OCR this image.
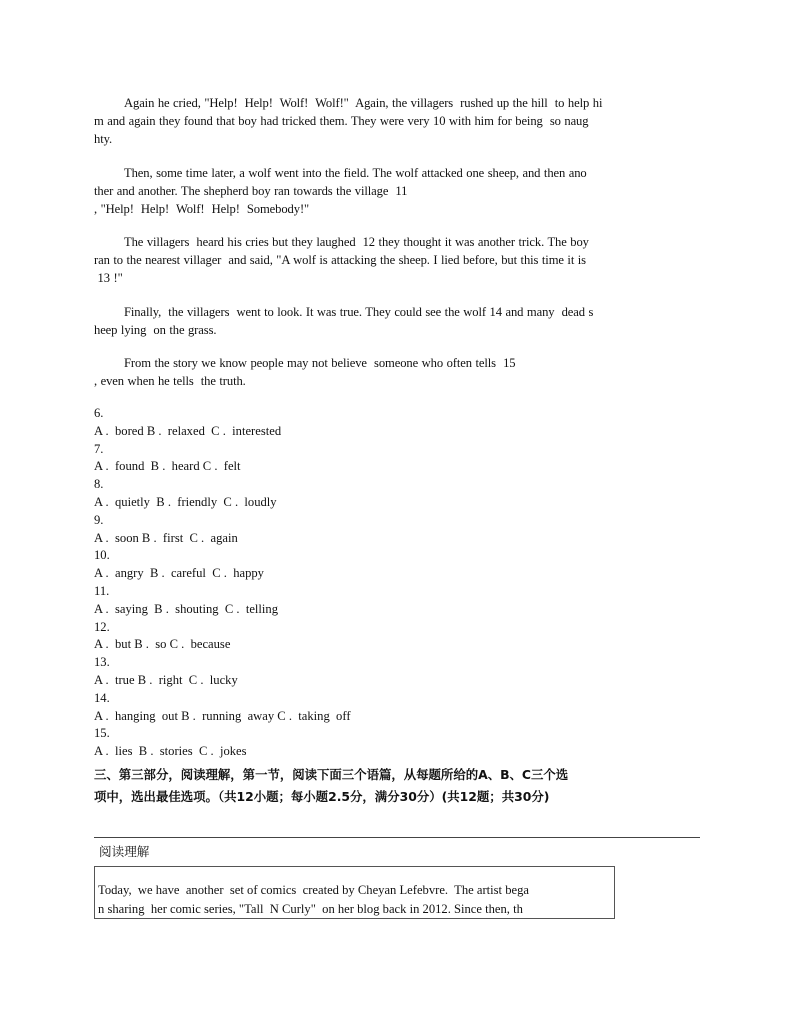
Again he cried, "Help!  Help!  Wolf!  Wolf!"  Again, the villagers  rushed up the hill  to help hi
m and again they found that boy had tricked them. They were very 10 with him for being  so naug
hty.
Then, some time later, a wolf went into the field. The wolf attacked one sheep, and then ano
ther and another. The shepherd boy ran towards the village  11
, "Help!  Help!  Wolf!  Help!  Somebody!"
The villagers  heard his cries but they laughed  12 they thought it was another trick. The boy
ran to the nearest villager  and said, "A wolf is attacking the sheep. I lied before, but this time it is
13 !"
Finally,  the villagers  went to look. It was true. They could see the wolf 14 and many  dead s
heep lying  on the grass.
From the story we know people may not believe  someone who often tells  15
, even when he tells  the truth.
6.
A .  bored B .  relaxed  C .  interested
7.
A .  found  B .  heard C .  felt
8.
A .  quietly  B .  friendly  C .  loudly
9.
A .  soon B .  first  C .  again
10.
A .  angry  B .  careful  C .  happy
11.
A .  saying  B .  shouting  C .  telling
12.
A .  but B .  so C .  because
13.
A .  true B .  right  C .  lucky
14.
A .  hanging  out B .  running  away C .  taking  off
15.
A .  lies  B .  stories  C .  jokes
三、第三部分，阅读理解，第一节，阅读下面三个语篇，从每题所给的A、B、C三个选
项中，选出最佳选项。（共12小题；每小题2.5分，满分30分）(共12题；共30分)
阅读理解
Today,  we have  another  set of comics  created by Cheyan Lefebvre.  The artist bega
n sharing  her comic series, "Tall  N Curly"  on her blog back in 2012. Since then, th
